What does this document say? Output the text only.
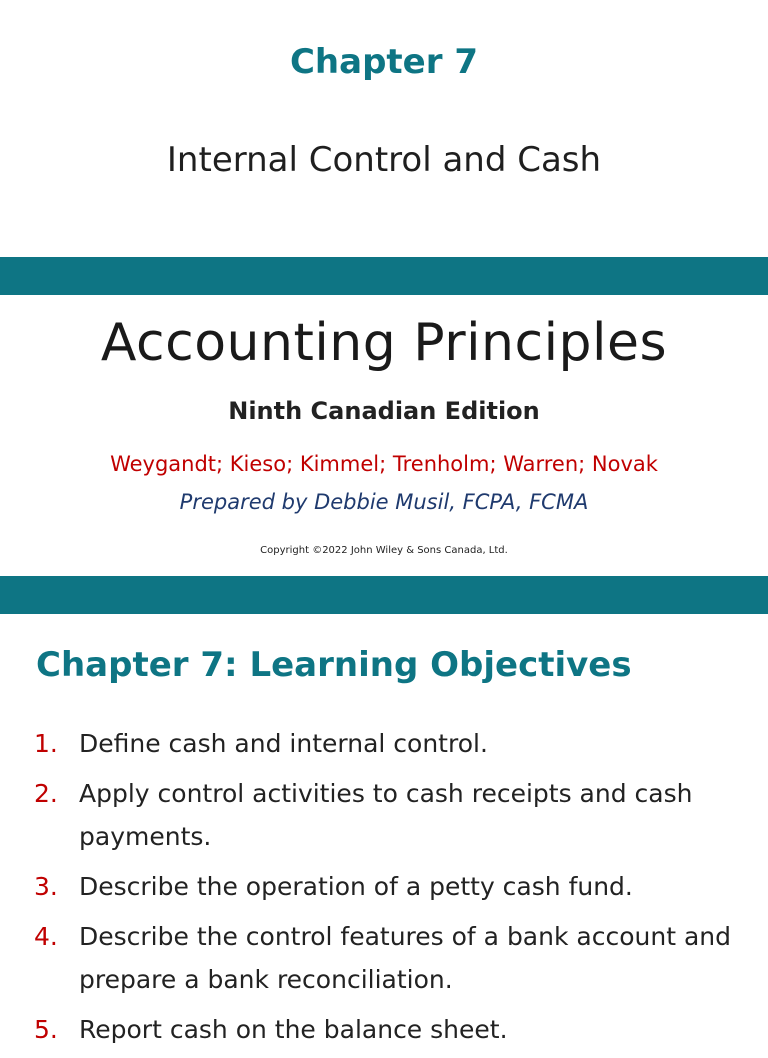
Chapter 7
Internal Control and Cash
Accounting Principles
Ninth Canadian Edition
Weygandt; Kieso; Kimmel; Trenholm; Warren; Novak
Prepared by Debbie Musil, FCPA, FCMA
Copyright ©2022 John Wiley & Sons Canada, Ltd.
Chapter 7: Learning Objectives
1. Define cash and internal control.
2. Apply control activities to cash receipts and cash payments.
3. Describe the operation of a petty cash fund.
4. Describe the control features of a bank account and prepare a bank reconciliation.
5. Report cash on the balance sheet.
